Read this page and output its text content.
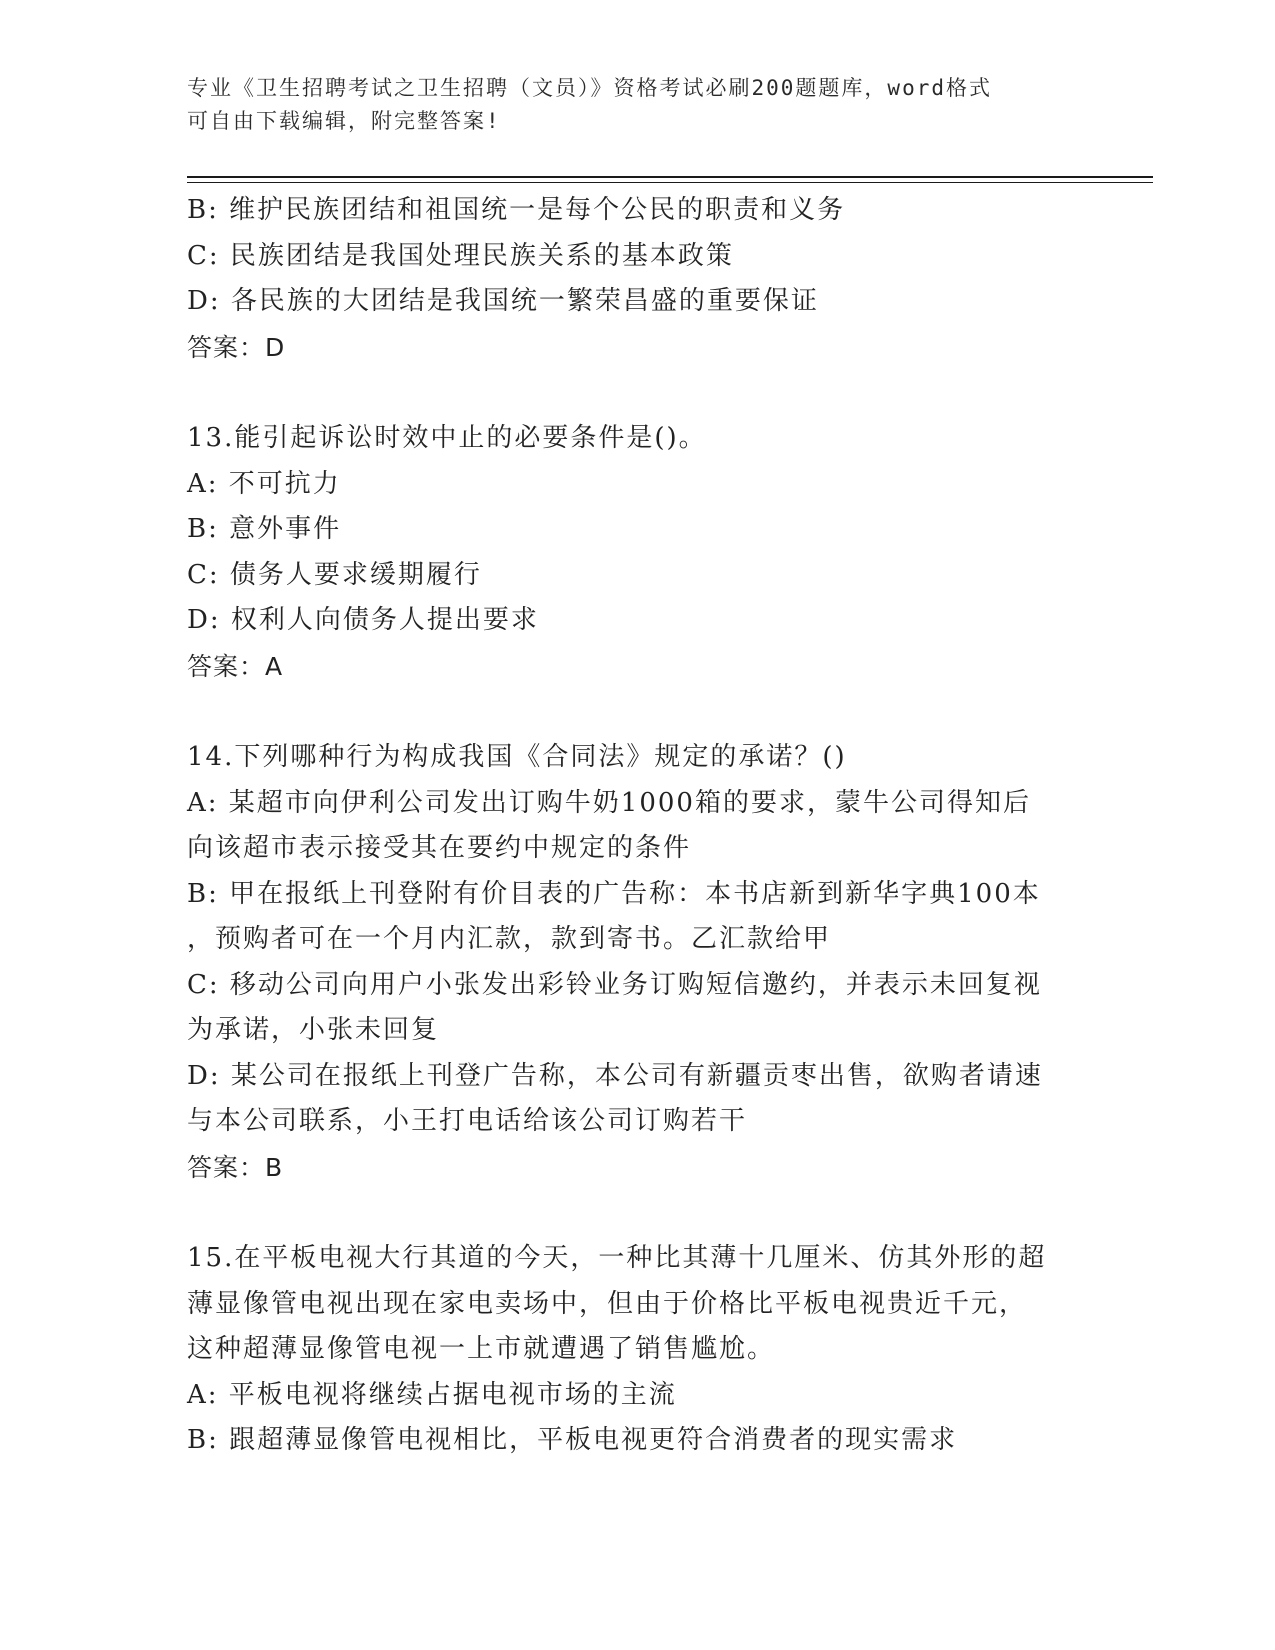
专业《卫生招聘考试之卫生招聘（文员）》资格考试必刷200题题库，word格式
可自由下载编辑，附完整答案!
B: 维护民族团结和祖国统一是每个公民的职责和义务
C: 民族团结是我国处理民族关系的基本政策
D: 各民族的大团结是我国统一繁荣昌盛的重要保证
答案：D
13.能引起诉讼时效中止的必要条件是()。
A: 不可抗力
B: 意外事件
C: 债务人要求缓期履行
D: 权利人向债务人提出要求
答案：A
14.下列哪种行为构成我国《合同法》规定的承诺？()
A: 某超市向伊利公司发出订购牛奶1000箱的要求，蒙牛公司得知后
向该超市表示接受其在要约中规定的条件
B: 甲在报纸上刊登附有价目表的广告称：本书店新到新华字典100本
，预购者可在一个月内汇款，款到寄书。乙汇款给甲
C: 移动公司向用户小张发出彩铃业务订购短信邀约，并表示未回复视
为承诺，小张未回复
D: 某公司在报纸上刊登广告称，本公司有新疆贡枣出售，欲购者请速
与本公司联系，小王打电话给该公司订购若干
答案：B
15.在平板电视大行其道的今天，一种比其薄十几厘米、仿其外形的超
薄显像管电视出现在家电卖场中，但由于价格比平板电视贵近千元，
这种超薄显像管电视一上市就遭遇了销售尴尬。
A: 平板电视将继续占据电视市场的主流
B: 跟超薄显像管电视相比，平板电视更符合消费者的现实需求
